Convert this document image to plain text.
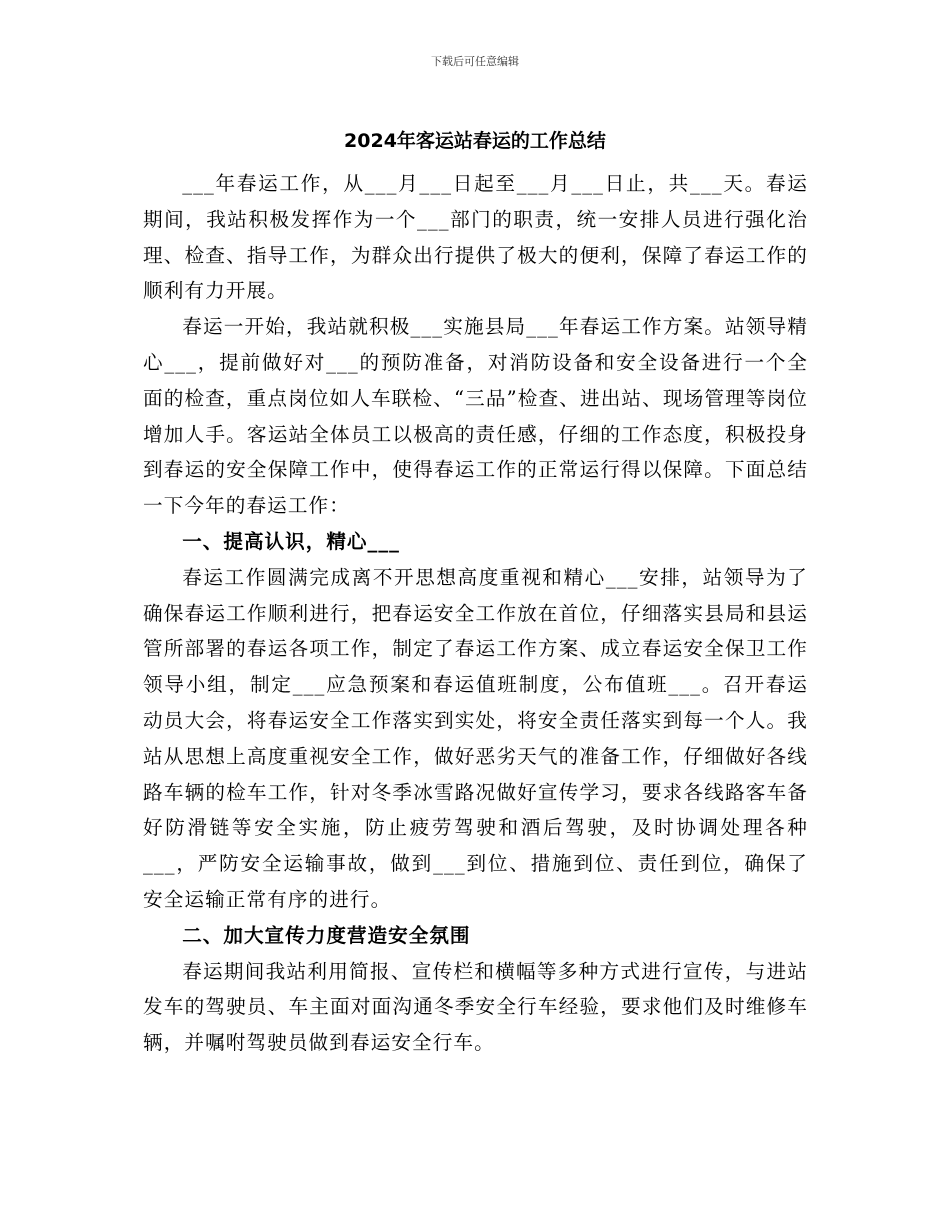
下载后可任意编辑
2024年客运站春运的工作总结

___年春运工作，从___月___日起至___月___日止，共___天。春运期间，我站积极发挥作为一个___部门的职责，统一安排人员进行强化治理、检查、指导工作，为群众出行提供了极大的便利，保障了春运工作的顺利有力开展。

春运一开始，我站就积极___实施县局___年春运工作方案。站领导精心___，提前做好对___的预防准备，对消防设备和安全设备进行一个全面的检查，重点岗位如人车联检、“三品”检查、进出站、现场管理等岗位增加人手。客运站全体员工以极高的责任感，仔细的工作态度，积极投身到春运的安全保障工作中，使得春运工作的正常运行得以保障。下面总结一下今年的春运工作：

一、提高认识，精心___

春运工作圆满完成离不开思想高度重视和精心___安排，站领导为了确保春运工作顺利进行，把春运安全工作放在首位，仔细落实县局和县运管所部署的春运各项工作，制定了春运工作方案、成立春运安全保卫工作领导小组，制定___应急预案和春运值班制度，公布值班___。召开春运动员大会，将春运安全工作落实到实处，将安全责任落实到每一个人。我站从思想上高度重视安全工作，做好恶劣天气的准备工作，仔细做好各线路车辆的检车工作，针对冬季冰雪路况做好宣传学习，要求各线路客车备好防滑链等安全实施，防止疲劳驾驶和酒后驾驶，及时协调处理各种___，严防安全运输事故，做到___到位、措施到位、责任到位，确保了安全运输正常有序的进行。

二、加大宣传力度营造安全氛围

春运期间我站利用简报、宣传栏和横幅等多种方式进行宣传，与进站发车的驾驶员、车主面对面沟通冬季安全行车经验，要求他们及时维修车辆，并嘱咐驾驶员做到春运安全行车。
